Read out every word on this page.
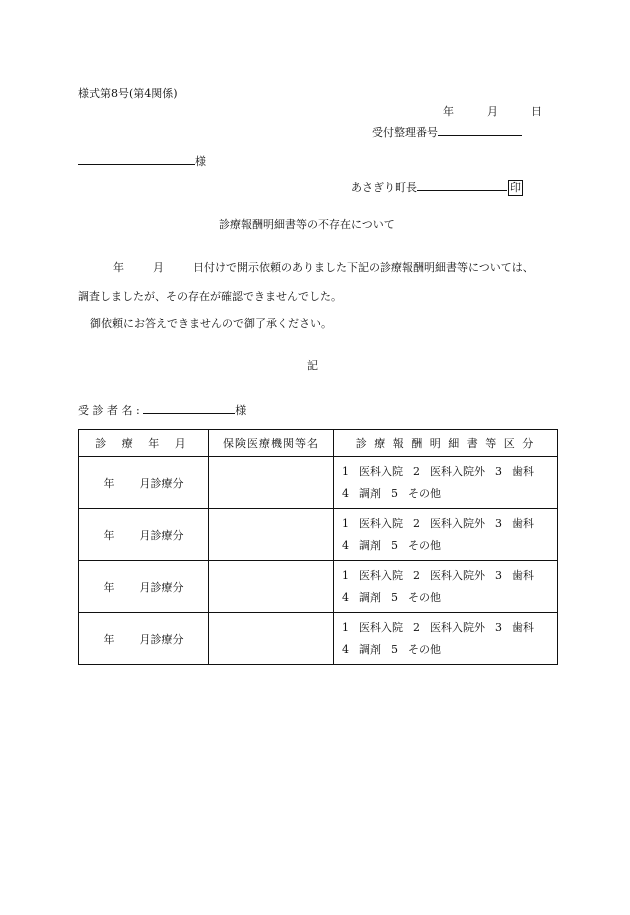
様式第8号(第4関係)
年	月	日
受付整理番号
様
あさぎり町長	印
診療報酬明細書等の不存在について
年	月	日付けで開示依頼のありました下記の診療報酬明細書等については、
調査しましたが、その存在が確認できませんでした。
御依頼にお答えできませんので御了承ください。
記
受 診 者 名 :	様
診 療 年 月	保険医療機関等名	診 療 報 酬 明 細 書 等 区 分
年 月診療分		1 医科入院 2 医科入院外 3 歯科
4 調剤 5 その他

年 月診療分		1 医科入院 2 医科入院外 3 歯科
4 調剤 5 その他

年 月診療分		1 医科入院 2 医科入院外 3 歯科
4 調剤 5 その他

年 月診療分		1 医科入院 2 医科入院外 3 歯科
4 調剤 5 その他
